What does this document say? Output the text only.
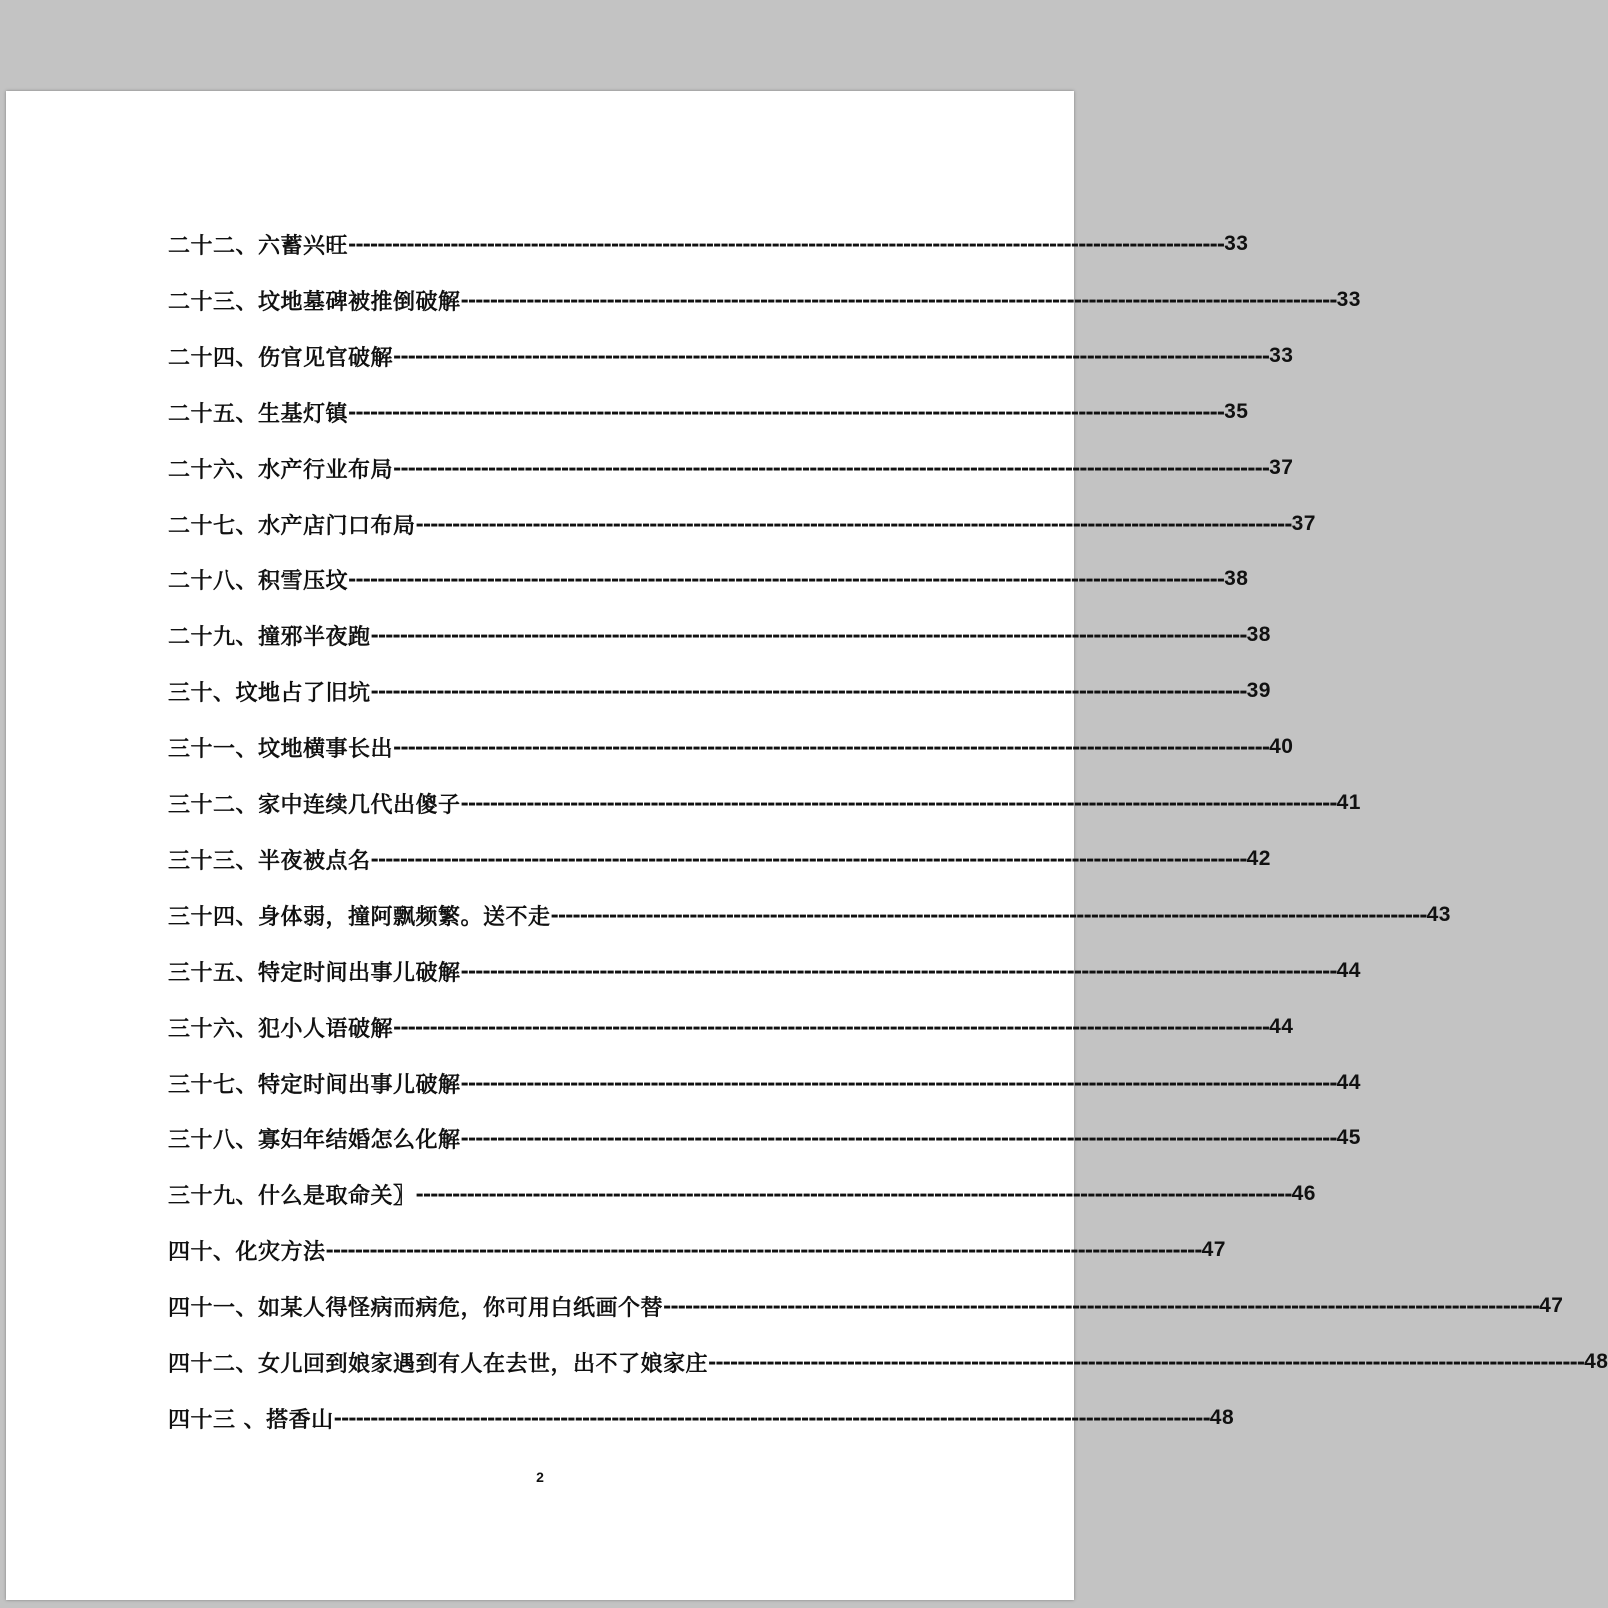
二十二、六蓄兴旺 ------------------------------------------------------------------------------------------------------------------------ 33
二十三、坟地墓碑被推倒破解 ------------------------------------------------------------------------------------------------------------------------ 33
二十四、伤官见官破解 ------------------------------------------------------------------------------------------------------------------------ 33
二十五、生基灯镇 ------------------------------------------------------------------------------------------------------------------------ 35
二十六、水产行业布局 ------------------------------------------------------------------------------------------------------------------------ 37
二十七、水产店门口布局 ------------------------------------------------------------------------------------------------------------------------ 37
二十八、积雪压坟 ------------------------------------------------------------------------------------------------------------------------ 38
二十九、撞邪半夜跑 ------------------------------------------------------------------------------------------------------------------------ 38
三十、坟地占了旧坑 ------------------------------------------------------------------------------------------------------------------------ 39
三十一、坟地横事长出 ------------------------------------------------------------------------------------------------------------------------ 40
三十二、家中连续几代出傻子 ------------------------------------------------------------------------------------------------------------------------ 41
三十三、半夜被点名 ------------------------------------------------------------------------------------------------------------------------ 42
三十四、身体弱，撞阿飘频繁。送不走 ------------------------------------------------------------------------------------------------------------------------ 43
三十五、特定时间出事儿破解 ------------------------------------------------------------------------------------------------------------------------ 44
三十六、犯小人语破解 ------------------------------------------------------------------------------------------------------------------------ 44
三十七、特定时间出事儿破解 ------------------------------------------------------------------------------------------------------------------------ 44
三十八、寡妇年结婚怎么化解 ------------------------------------------------------------------------------------------------------------------------ 45
三十九、什么是取命关〗 ------------------------------------------------------------------------------------------------------------------------ 46
四十、化灾方法 ------------------------------------------------------------------------------------------------------------------------ 47
四十一、如某人得怪病而病危，你可用白纸画个替 ------------------------------------------------------------------------------------------------------------------------ 47
四十二、女儿回到娘家遇到有人在去世，出不了娘家庄 ------------------------------------------------------------------------------------------------------------------------ 48
四十三 、搭香山 ------------------------------------------------------------------------------------------------------------------------ 48
2
